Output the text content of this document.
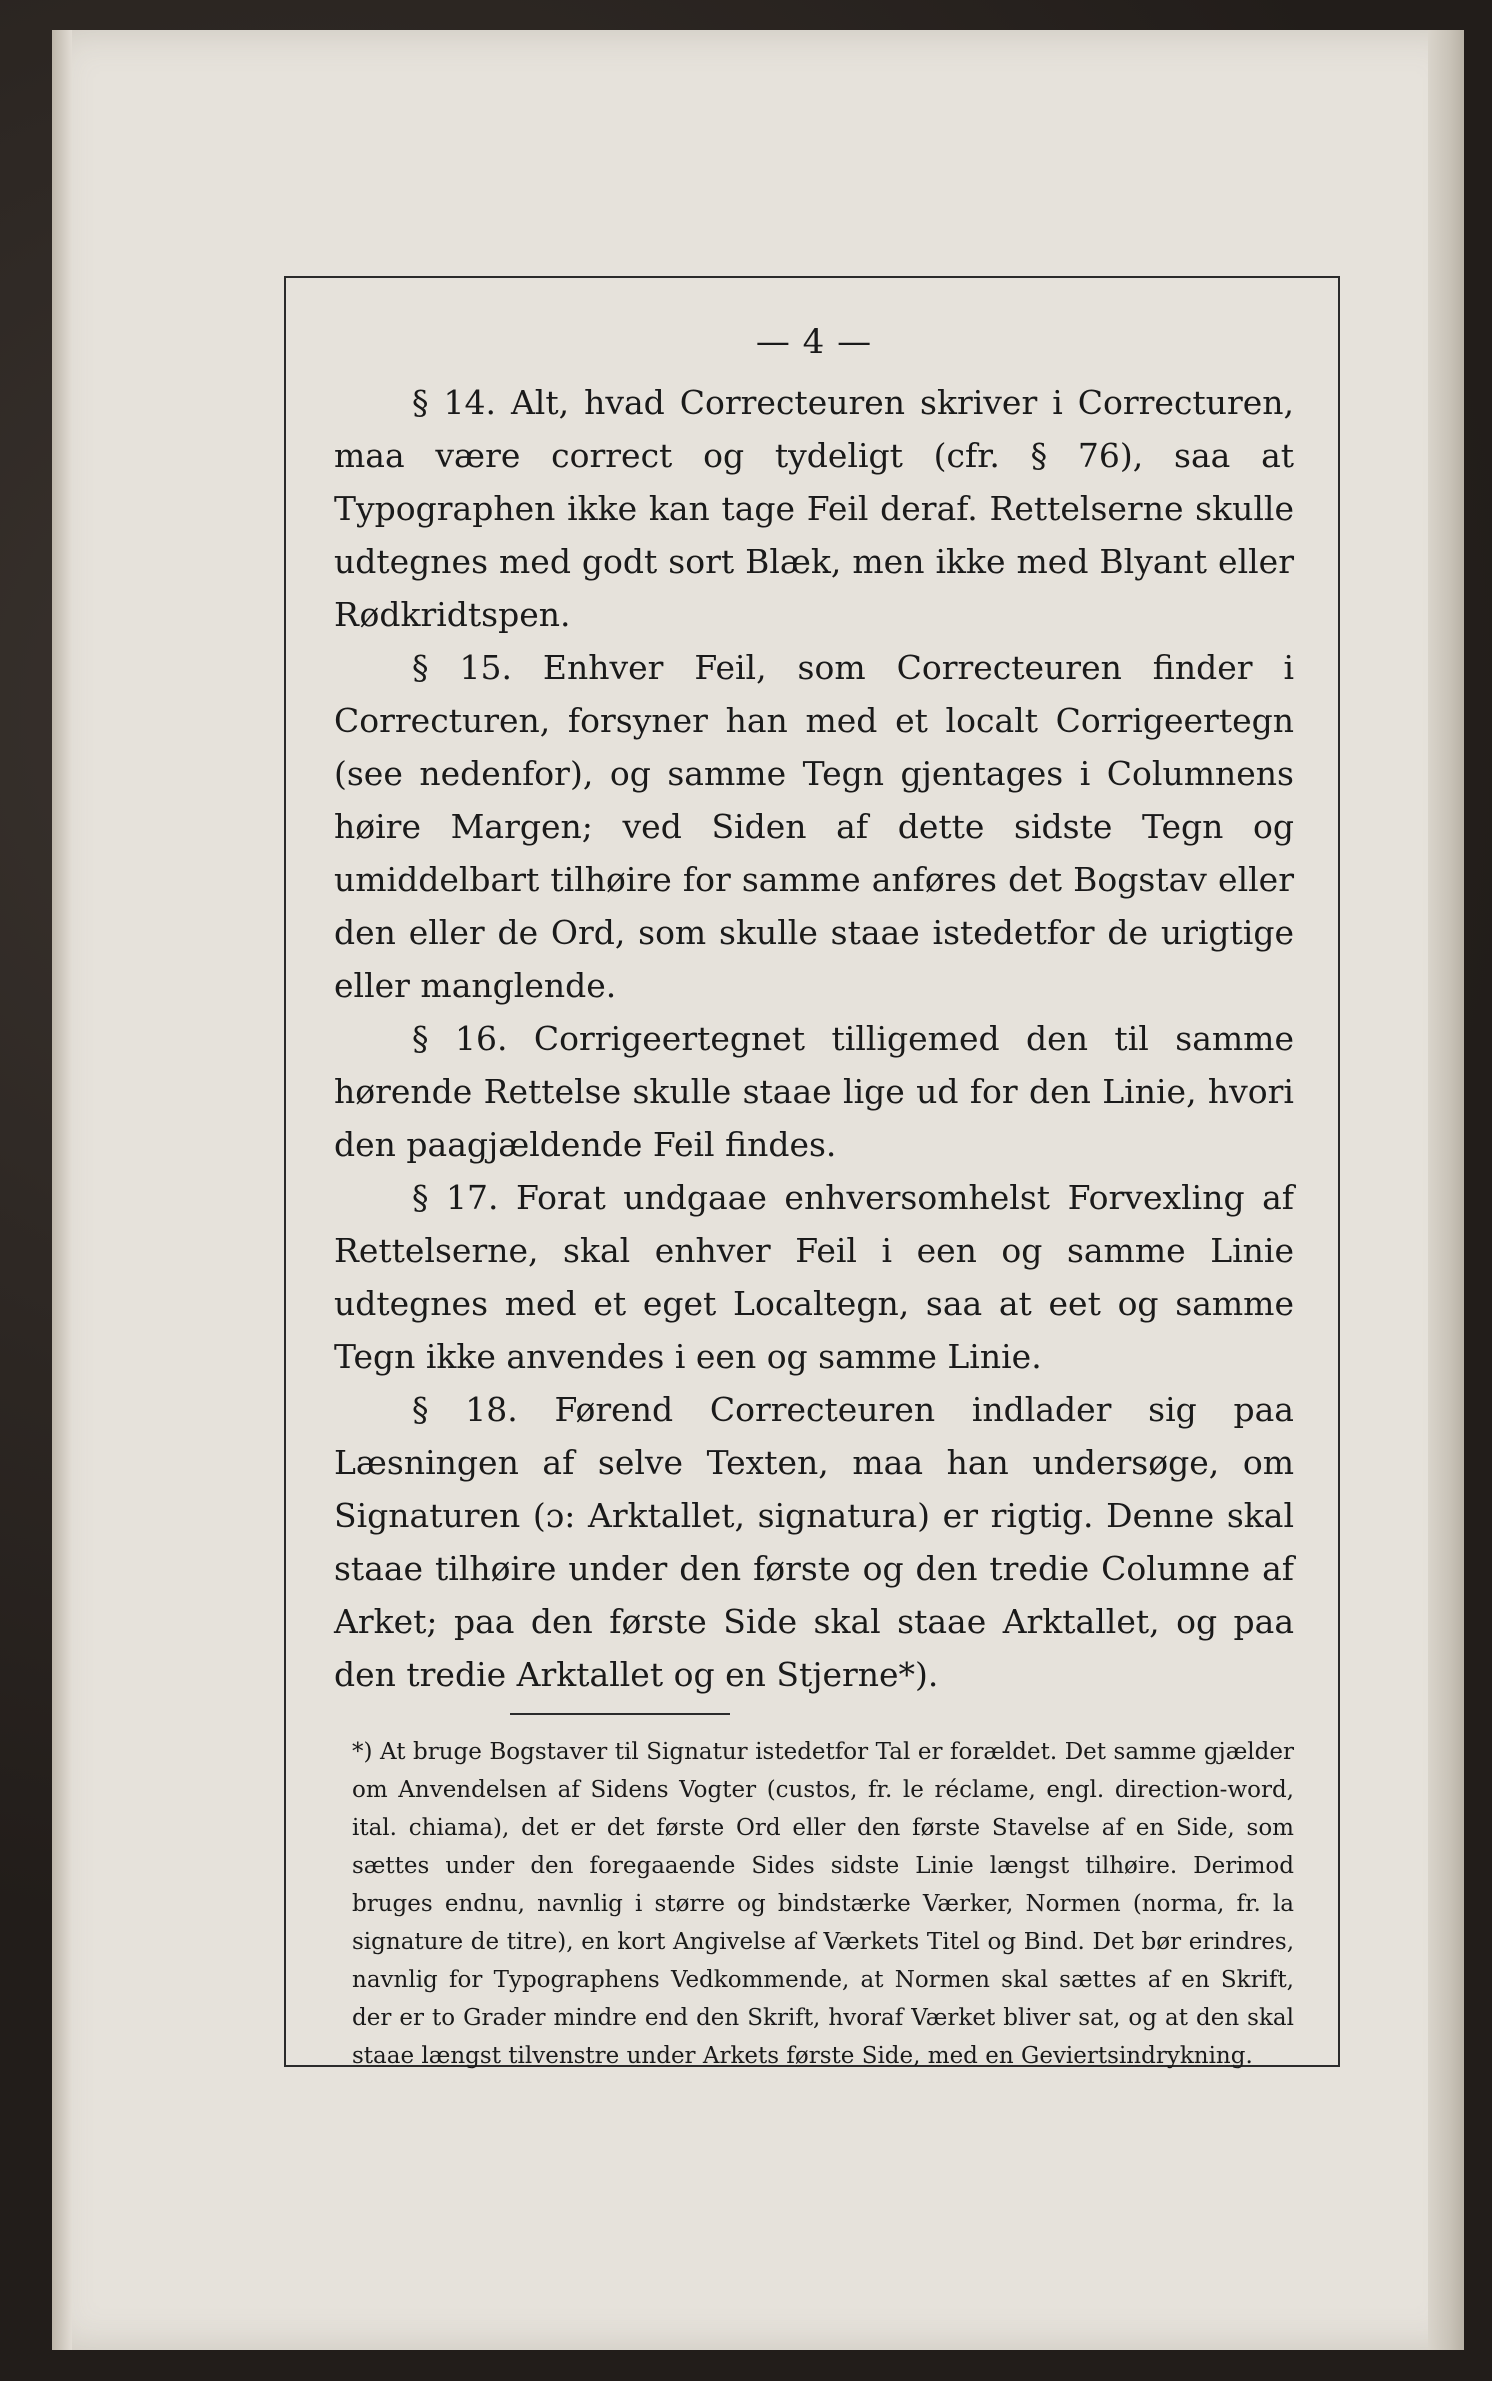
— 4 —

§ 14. Alt, hvad Correcteuren skriver i Correcturen, maa være correct og tydeligt (cfr. § 76), saa at Typographen ikke kan tage Feil deraf. Rettelserne skulle udtegnes med godt sort Blæk, men ikke med Blyant eller Rødkridtspen.

§ 15. Enhver Feil, som Correcteuren finder i Correcturen, forsyner han med et localt Corrigeertegn (see nedenfor), og samme Tegn gjentages i Columnens høire Margen; ved Siden af dette sidste Tegn og umiddelbart tilhøire for samme anføres det Bogstav eller den eller de Ord, som skulle staae istedetfor de urigtige eller manglende.

§ 16. Corrigeertegnet tilligemed den til samme hørende Rettelse skulle staae lige ud for den Linie, hvori den paagjældende Feil findes.

§ 17. Forat undgaae enhversomhelst Forvexling af Rettelserne, skal enhver Feil i een og samme Linie udtegnes med et eget Localtegn, saa at eet og samme Tegn ikke anvendes i een og samme Linie.

§ 18. Førend Correcteuren indlader sig paa Læsningen af selve Texten, maa han undersøge, om Signaturen (ɔ: Arktallet, signatura) er rigtig. Denne skal staae tilhøire under den første og den tredie Columne af Arket; paa den første Side skal staae Arktallet, og paa den tredie Arktallet og en Stjerne*).

*) At bruge Bogstaver til Signatur istedetfor Tal er forældet. Det samme gjælder om Anvendelsen af Sidens Vogter (custos, fr. le réclame, engl. direction-word, ital. chiama), det er det første Ord eller den første Stavelse af en Side, som sættes under den foregaaende Sides sidste Linie længst tilhøire. Derimod bruges endnu, navnlig i større og bindstærke Værker, Normen (norma, fr. la signature de titre), en kort Angivelse af Værkets Titel og Bind. Det bør erindres, navnlig for Typographens Vedkommende, at Normen skal sættes af en Skrift, der er to Grader mindre end den Skrift, hvoraf Værket bliver sat, og at den skal staae længst tilvenstre under Arkets første Side, med en Geviertsindrykning.
